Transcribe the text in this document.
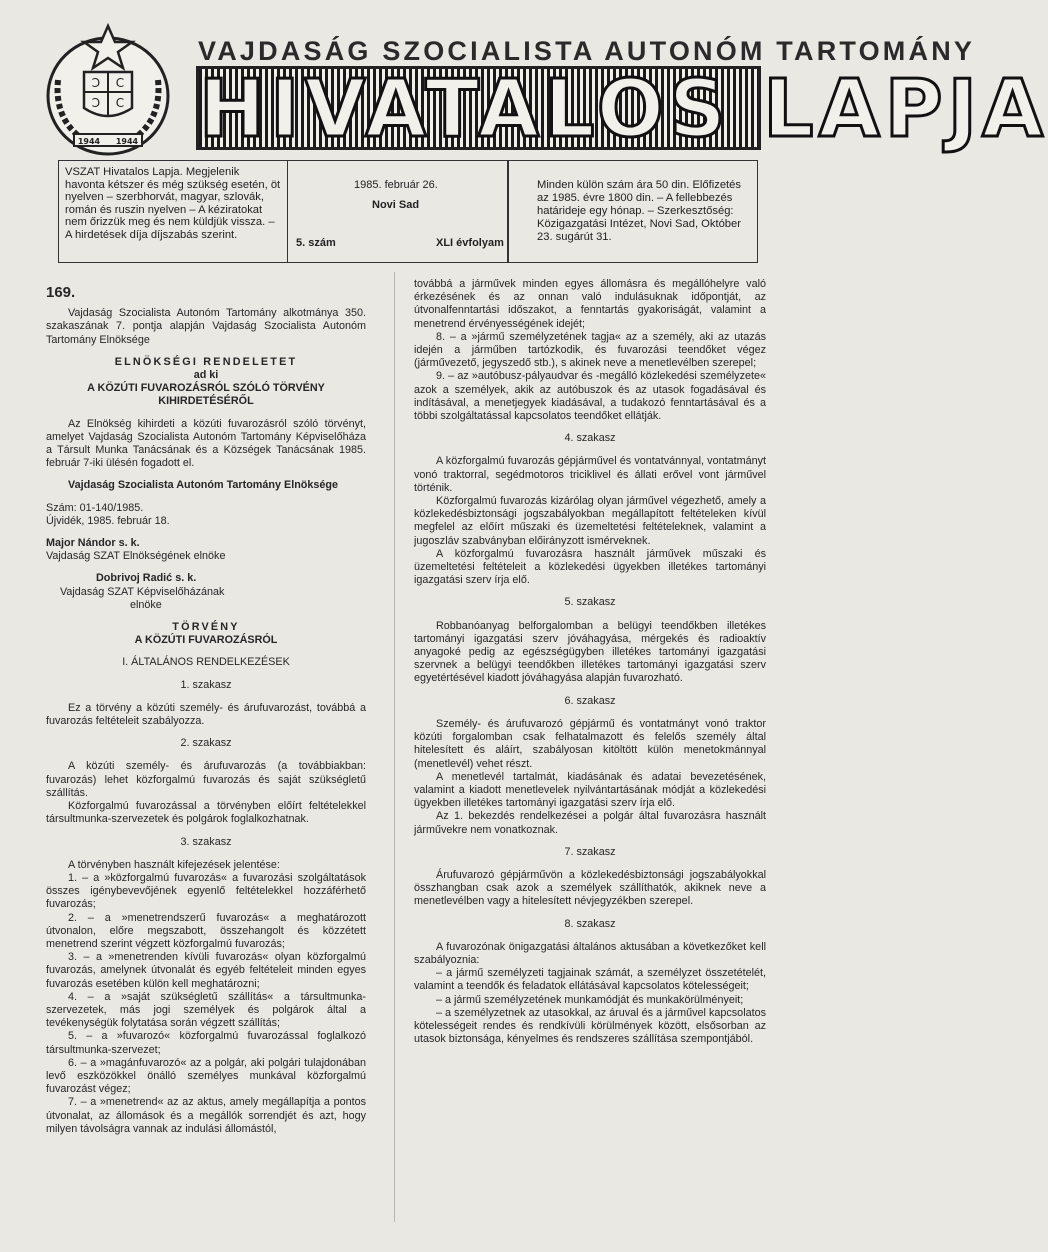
Ɔ C
Ɔ C
1944 1944
VAJDASÁG SZOCIALISTA AUTONÓM TARTOMÁNY
HIVATALOS LAPJA
VSZAT Hivatalos Lapja. Megjelenik havonta kétszer és még szükség esetén, öt nyelven – szerbhorvát, magyar, szlovák, román és ruszin nyelven – A kéziratokat nem őrizzük meg és nem küldjük vissza. – A hirdetések díja díjszabás szerint.
1985. február 26.
Novi Sad
5. szám	XLI évfolyam
Minden külön szám ára 50 din. Előfizetés az 1985. évre 1800 din. – A fellebbezés határideje egy hónap. – Szerkesztőség: Közigazgatási Intézet, Novi Sad, Október 23. sugárút 31.
169.

Vajdaság Szocialista Autonóm Tartomány alkotmánya 350. szakaszának 7. pontja alapján Vajdaság Szocialista Autonóm Tartomány Elnöksége

ELNÖKSÉGI RENDELETET

ad ki

A KÖZÚTI FUVAROZÁSRÓL SZÓLÓ TÖRVÉNY KIHIRDETÉSÉRŐL

Az Elnökség kihirdeti a közúti fuvarozásról szóló törvényt, amelyet Vajdaság Szocialista Autonóm Tartomány Képviselőháza a Társult Munka Tanácsának és a Községek Tanácsának 1985. február 7-iki ülésén fogadott el.

Vajdaság Szocialista Autonóm Tartomány Elnöksége

Szám: 01-140/1985.

Újvidék, 1985. február 18.

Major Nándor s. k.

Vajdaság SZAT Elnökségének elnöke

Dobrivoj Radić s. k.

Vajdaság SZAT Képviselőházának

elnöke

TÖRVÉNY

A KÖZÚTI FUVAROZÁSRÓL

I. ÁLTALÁNOS RENDELKEZÉSEK

1. szakasz

Ez a törvény a közúti személy- és árufuvarozást, továbbá a fuvarozás feltételeit szabályozza.

2. szakasz

A közúti személy- és árufuvarozás (a továbbiakban: fuvarozás) lehet közforgalmú fuvarozás és saját szükségletű szállítás.

Közforgalmú fuvarozással a törvényben előírt feltételekkel társultmunka-szervezetek és polgárok foglalkozhatnak.

3. szakasz

A törvényben használt kifejezések jelentése:

1. – a »közforgalmú fuvarozás« a fuvarozási szolgáltatások összes igénybevevőjének egyenlő feltételekkel hozzáférhető fuvarozás;

2. – a »menetrendszerű fuvarozás« a meghatározott útvonalon, előre megszabott, összehangolt és közzétett menetrend szerint végzett közforgalmú fuvarozás;

3. – a »menetrenden kívüli fuvarozás« olyan közforgalmú fuvarozás, amelynek útvonalát és egyéb feltételeit minden egyes fuvarozás esetében külön kell meghatározni;

4. – a »saját szükségletű szállítás« a társultmunka-szervezetek, más jogi személyek és polgárok által a tevékenységük folytatása során végzett szállítás;

5. – a »fuvarozó« közforgalmú fuvarozással foglalkozó társultmunka-szervezet;

6. – a »magánfuvarozó« az a polgár, aki polgári tulajdonában levő eszközökkel önálló személyes munkával közforgalmú fuvarozást végez;

7. – a »menetrend« az az aktus, amely megállapítja a pontos útvonalat, az állomások és a megállók sorrendjét és azt, hogy milyen távolságra vannak az indulási állomástól,

továbbá a járművek minden egyes állomásra és megállóhelyre való érkezésének és az onnan való indulásuknak időpontját, az útvonalfenntartási időszakot, a fenntartás gyakoriságát, valamint a menetrend érvényességének idejét;

8. – a »jármű személyzetének tagja« az a személy, aki az utazás idején a járműben tartózkodik, és fuvarozási teendőket végez (járművezető, jegyszedő stb.), s akinek neve a menetlevélben szerepel;

9. – az »autóbusz-pályaudvar és -megálló közlekedési személyzete« azok a személyek, akik az autóbuszok és az utasok fogadásával és indításával, a menetjegyek kiadásával, a tudakozó fenntartásával és a többi szolgáltatással kapcsolatos teendőket ellátják.

4. szakasz

A közforgalmú fuvarozás gépjárművel és vontatvánnyal, vontatmányt vonó traktorral, segédmotoros triciklivel és állati erővel vont járművel történik.

Közforgalmú fuvarozás kizárólag olyan járművel végezhető, amely a közlekedésbiztonsági jogszabályokban megállapított feltételeken kívül megfelel az előírt műszaki és üzemeltetési feltételeknek, valamint a jugoszláv szabványban előirányzott ismérveknek.

A közforgalmú fuvarozásra használt járművek műszaki és üzemeltetési feltételeit a közlekedési ügyekben illetékes tartományi igazgatási szerv írja elő.

5. szakasz

Robbanóanyag belforgalomban a belügyi teendőkben illetékes tartományi igazgatási szerv jóváhagyása, mérgekés és radioaktív anyagoké pedig az egészségügyben illetékes tartományi igazgatási szervnek a belügyi teendőkben illetékes tartományi igazgatási szerv egyetértésével kiadott jóváhagyása alapján fuvarozható.

6. szakasz

Személy- és árufuvarozó gépjármű és vontatmányt vonó traktor közúti forgalomban csak felhatalmazott és felelős személy által hitelesített és aláírt, szabályosan kitöltött külön menetokmánnyal (menetlevél) vehet részt.

A menetlevél tartalmát, kiadásának és adatai bevezetésének, valamint a kiadott menetlevelek nyilvántartásának módját a közlekedési ügyekben illetékes tartományi igazgatási szerv írja elő.

Az 1. bekezdés rendelkezései a polgár által fuvarozásra használt járművekre nem vonatkoznak.

7. szakasz

Árufuvarozó gépjárművön a közlekedésbiztonsági jogszabályokkal összhangban csak azok a személyek szállíthatók, akiknek neve a menetlevélben vagy a hitelesített névjegyzékben szerepel.

8. szakasz

A fuvarozónak önigazgatási általános aktusában a következőket kell szabályoznia:

– a jármű személyzeti tagjainak számát, a személyzet összetételét, valamint a teendők és feladatok ellátásával kapcsolatos kötelességeit;

– a jármű személyzetének munkamódját és munkakörülményeit;

– a személyzetnek az utasokkal, az áruval és a járművel kapcsolatos kötelességeit rendes és rendkívüli körülmények között, elsősorban az utasok biztonsága, kényelmes és rendszeres szállítása szempontjából.
